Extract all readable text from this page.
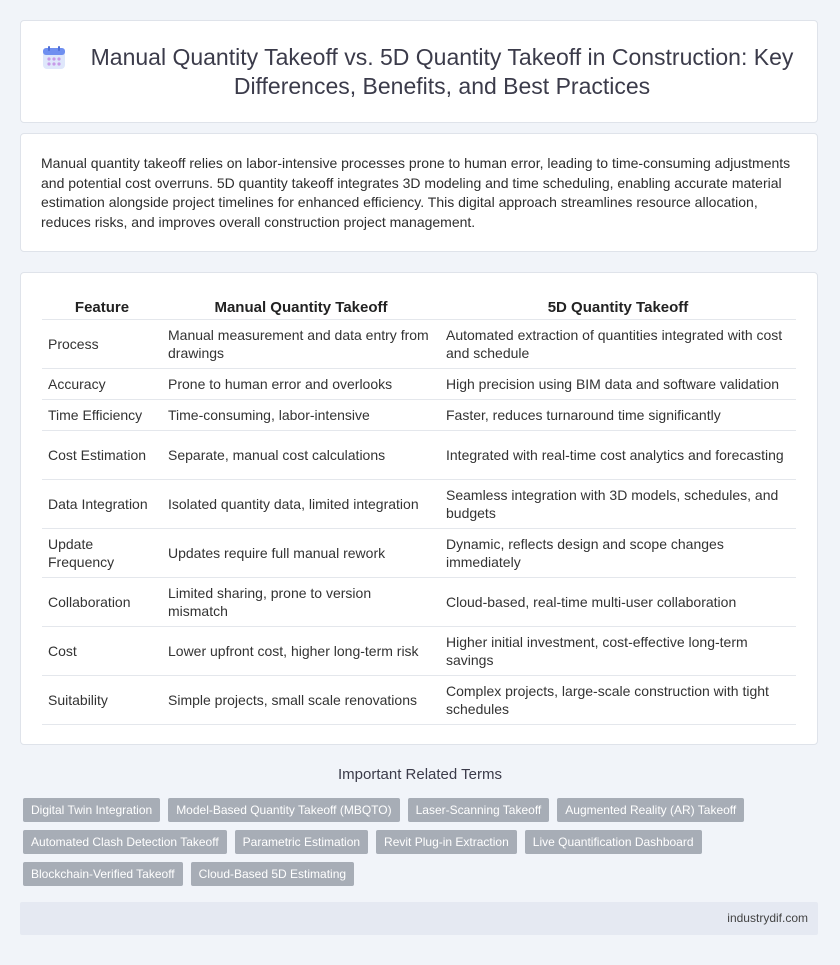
Manual Quantity Takeoff vs. 5D Quantity Takeoff in Construction: Key Differences, Benefits, and Best Practices

Manual quantity takeoff relies on labor-intensive processes prone to human error, leading to time-consuming adjustments and potential cost overruns. 5D quantity takeoff integrates 3D modeling and time scheduling, enabling accurate material estimation alongside project timelines for enhanced efficiency. This digital approach streamlines resource allocation, reduces risks, and improves overall construction project management.

Feature	Manual Quantity Takeoff	5D Quantity Takeoff
Process	Manual measurement and data entry from drawings	Automated extraction of quantities integrated with cost and schedule
Accuracy	Prone to human error and overlooks	High precision using BIM data and software validation
Time Efficiency	Time-consuming, labor-intensive	Faster, reduces turnaround time significantly
Cost Estimation	Separate, manual cost calculations	Integrated with real-time cost analytics and forecasting
Data Integration	Isolated quantity data, limited integration	Seamless integration with 3D models, schedules, and budgets
Update Frequency	Updates require full manual rework	Dynamic, reflects design and scope changes immediately
Collaboration	Limited sharing, prone to version mismatch	Cloud-based, real-time multi-user collaboration
Cost	Lower upfront cost, higher long-term risk	Higher initial investment, cost-effective long-term savings
Suitability	Simple projects, small scale renovations	Complex projects, large-scale construction with tight schedules
Important Related Terms
Digital Twin Integration	Model-Based Quantity Takeoff (MBQTO)	Laser-Scanning Takeoff	Augmented Reality (AR) Takeoff
Automated Clash Detection Takeoff	Parametric Estimation	Revit Plug-in Extraction	Live Quantification Dashboard
Blockchain-Verified Takeoff	Cloud-Based 5D Estimating
industrydif.com
